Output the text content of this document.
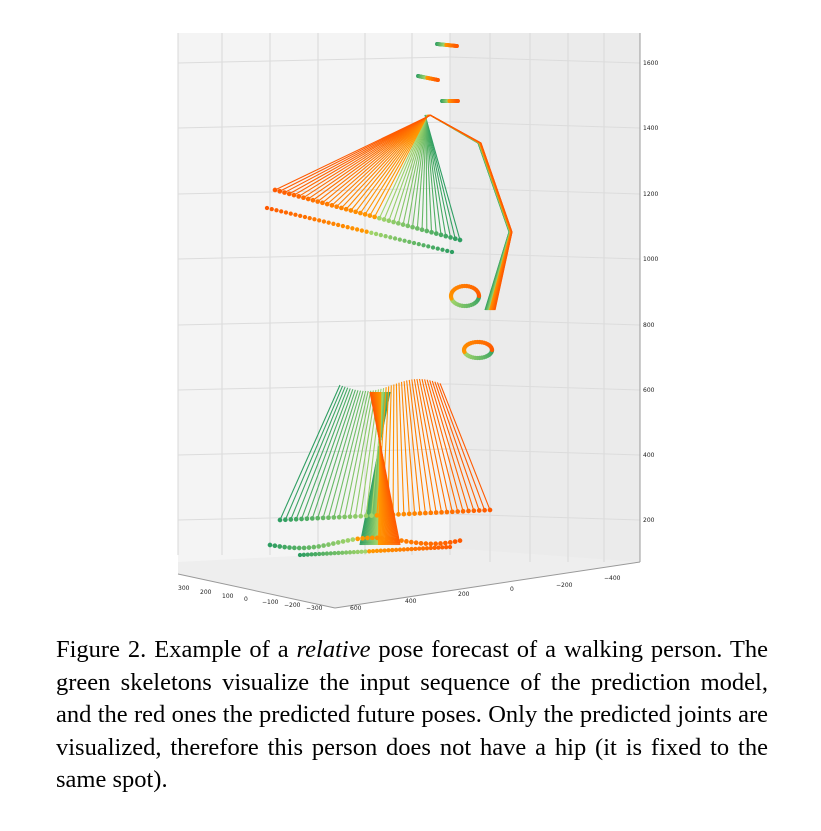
1600
1400
1200
1000
800
600
400
200
300
200
100 0 −100 −200 −300	600
400
200
0
−200
−400

Figure 2. Example of a relative pose forecast of a walking person. The green skeletons visualize the input sequence of the prediction model, and the red ones the predicted future poses. Only the predicted joints are visualized, therefore this person does not have a hip (it is fixed to the same spot).
